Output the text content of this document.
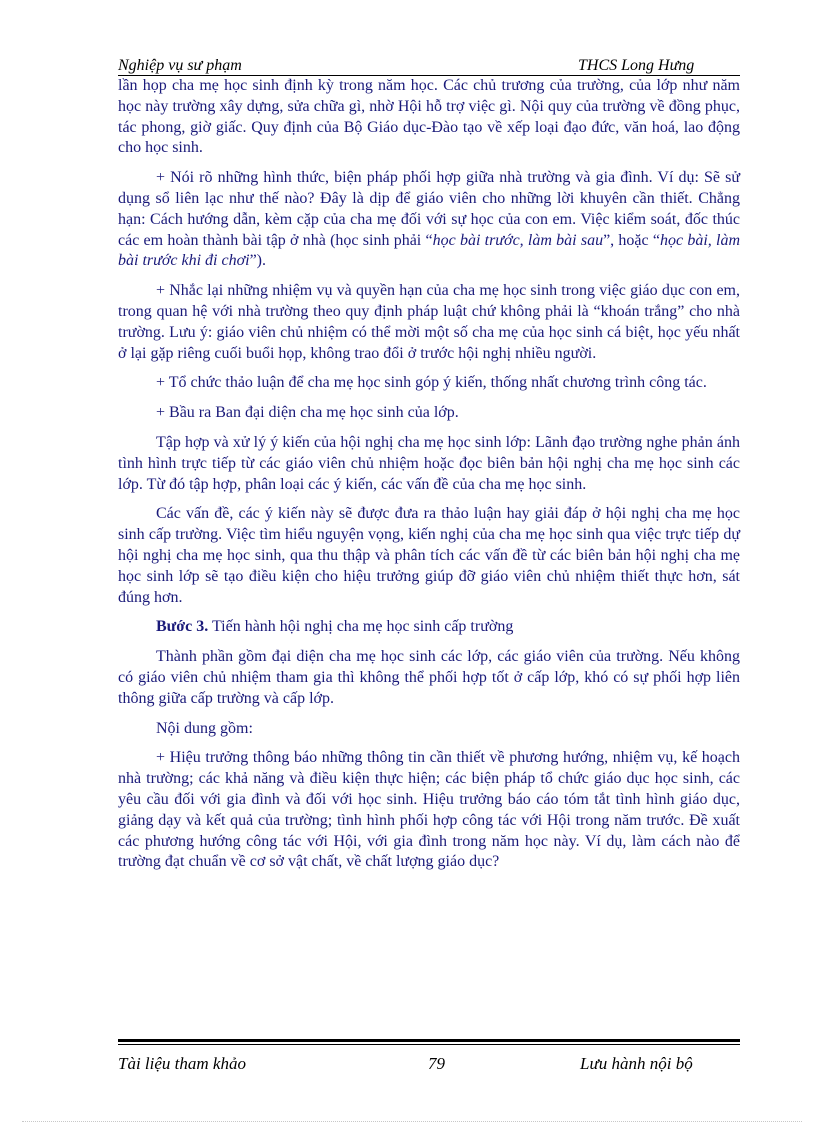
Nghiệp vụ sư phạm	THCS Long Hưng

lần họp cha mẹ học sinh định kỳ trong năm học. Các chủ trương của trường, của lớp như năm học này trường xây dựng, sửa chữa gì, nhờ Hội hỗ trợ việc gì. Nội quy của trường về đồng phục, tác phong, giờ giấc. Quy định của Bộ Giáo dục-Đào tạo về xếp loại đạo đức, văn hoá, lao động cho học sinh.

+ Nói rõ những hình thức, biện pháp phối hợp giữa nhà trường và gia đình. Ví dụ: Sẽ sử dụng sổ liên lạc như thế nào? Đây là dịp để giáo viên cho những lời khuyên cần thiết. Chẳng hạn: Cách hướng dẫn, kèm cặp của cha mẹ đối với sự học của con em. Việc kiểm soát, đốc thúc các em hoàn thành bài tập ở nhà (học sinh phải “học bài trước, làm bài sau”, hoặc “học bài, làm bài trước khi đi chơi”).

+ Nhắc lại những nhiệm vụ và quyền hạn của cha mẹ học sinh trong việc giáo dục con em, trong quan hệ với nhà trường theo quy định pháp luật chứ không phải là “khoán trắng” cho nhà trường. Lưu ý: giáo viên chủ nhiệm có thể mời một số cha mẹ của học sinh cá biệt, học yếu nhất ở lại gặp riêng cuối buổi họp, không trao đổi ở trước hội nghị nhiều người.

+ Tổ chức thảo luận để cha mẹ học sinh góp ý kiến, thống nhất chương trình công tác.

+ Bầu ra Ban đại diện cha mẹ học sinh của lớp.

Tập hợp và xử lý ý kiến của hội nghị cha mẹ học sinh lớp: Lãnh đạo trường nghe phản ánh tình hình trực tiếp từ các giáo viên chủ nhiệm hoặc đọc biên bản hội nghị cha mẹ học sinh các lớp. Từ đó tập hợp, phân loại các ý kiến, các vấn đề của cha mẹ học sinh.

Các vấn đề, các ý kiến này sẽ được đưa ra thảo luận hay giải đáp ở hội nghị cha mẹ học sinh cấp trường. Việc tìm hiểu nguyện vọng, kiến nghị của cha mẹ học sinh qua việc trực tiếp dự hội nghị cha mẹ học sinh, qua thu thập và phân tích các vấn đề từ các biên bản hội nghị cha mẹ học sinh lớp sẽ tạo điều kiện cho hiệu trưởng giúp đỡ giáo viên chủ nhiệm thiết thực hơn, sát đúng hơn.

Bước 3. Tiến hành hội nghị cha mẹ học sinh cấp trường

Thành phần gồm đại diện cha mẹ học sinh các lớp, các giáo viên của trường. Nếu không có giáo viên chủ nhiệm tham gia thì không thể phối hợp tốt ở cấp lớp, khó có sự phối hợp liên thông giữa cấp trường và cấp lớp.

Nội dung gồm:

+ Hiệu trưởng thông báo những thông tin cần thiết về phương hướng, nhiệm vụ, kế hoạch nhà trường; các khả năng và điều kiện thực hiện; các biện pháp tổ chức giáo dục học sinh, các yêu cầu đối với gia đình và đối với học sinh. Hiệu trưởng báo cáo tóm tắt tình hình giáo dục, giảng dạy và kết quả của trường; tình hình phối hợp công tác với Hội trong năm trước. Đề xuất các phương hướng công tác với Hội, với gia đình trong năm học này. Ví dụ, làm cách nào để trường đạt chuẩn về cơ sở vật chất, về chất lượng giáo dục?

Tài liệu tham khảo	79	Lưu hành nội bộ
